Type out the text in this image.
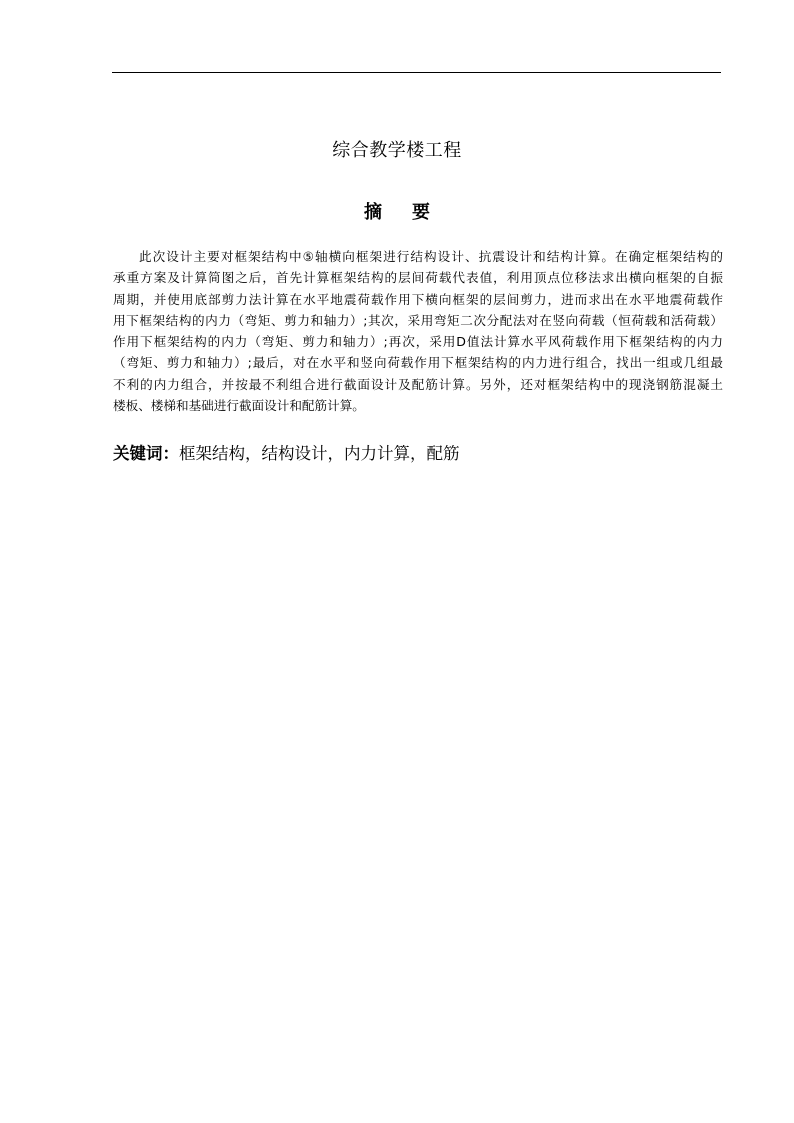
综合教学楼工程
摘 要
此次设计主要对框架结构中⑤轴横向框架进行结构设计、抗震设计和结构计算。在确定框架结构的
承重方案及计算简图之后，首先计算框架结构的层间荷载代表值，利用顶点位移法求出横向框架的自振
周期，并使用底部剪力法计算在水平地震荷载作用下横向框架的层间剪力，进而求出在水平地震荷载作
用下框架结构的内力（弯矩、剪力和轴力）;其次，采用弯矩二次分配法对在竖向荷载（恒荷载和活荷载）
作用下框架结构的内力（弯矩、剪力和轴力）;再次，采用D值法计算水平风荷载作用下框架结构的内力
（弯矩、剪力和轴力）;最后，对在水平和竖向荷载作用下框架结构的内力进行组合，找出一组或几组最
不利的内力组合，并按最不利组合进行截面设计及配筋计算。另外，还对框架结构中的现浇钢筋混凝土
楼板、楼梯和基础进行截面设计和配筋计算。
关键词：框架结构，结构设计，内力计算，配筋
